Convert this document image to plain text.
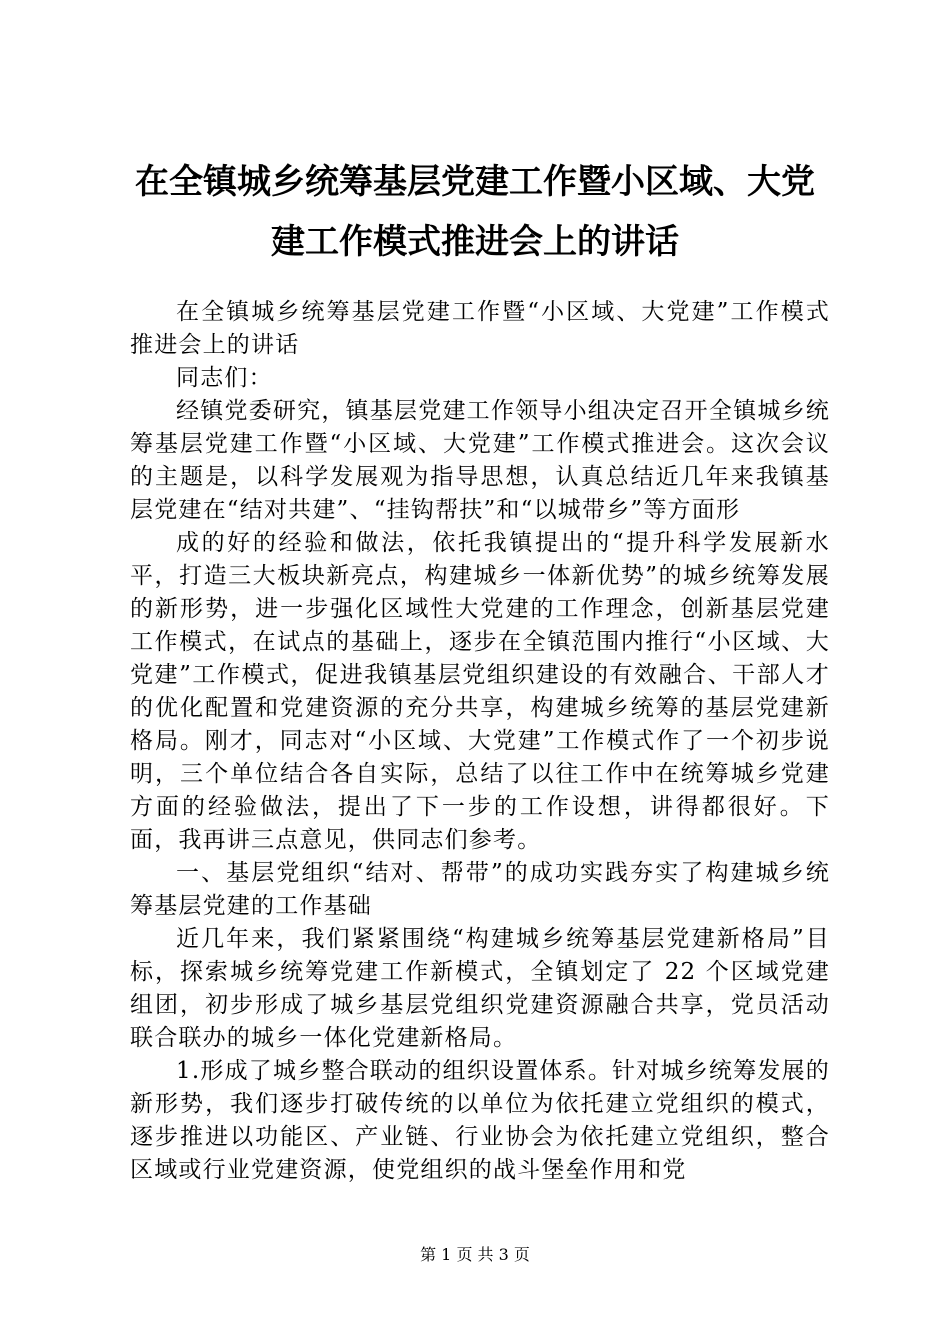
在全镇城乡统筹基层党建工作暨小区域、大党
建工作模式推进会上的讲话

在全镇城乡统筹基层党建工作暨“小区域、大党建”工作模式推进会上的讲话

同志们：

经镇党委研究，镇基层党建工作领导小组决定召开全镇城乡统筹基层党建工作暨“小区域、大党建”工作模式推进会。这次会议的主题是，以科学发展观为指导思想，认真总结近几年来我镇基层党建在“结对共建”、“挂钩帮扶”和“以城带乡”等方面形

成的好的经验和做法，依托我镇提出的“提升科学发展新水平，打造三大板块新亮点，构建城乡一体新优势”的城乡统筹发展的新形势，进一步强化区域性大党建的工作理念，创新基层党建工作模式，在试点的基础上，逐步在全镇范围内推行“小区域、大党建”工作模式，促进我镇基层党组织建设的有效融合、干部人才的优化配置和党建资源的充分共享，构建城乡统筹的基层党建新格局。刚才，同志对“小区域、大党建”工作模式作了一个初步说明，三个单位结合各自实际，总结了以往工作中在统筹城乡党建方面的经验做法，提出了下一步的工作设想，讲得都很好。下面，我再讲三点意见，供同志们参考。

一、基层党组织“结对、帮带”的成功实践夯实了构建城乡统筹基层党建的工作基础

近几年来，我们紧紧围绕“构建城乡统筹基层党建新格局”目标，探索城乡统筹党建工作新模式，全镇划定了 22 个区域党建组团，初步形成了城乡基层党组织党建资源融合共享，党员活动联合联办的城乡一体化党建新格局。

1.形成了城乡整合联动的组织设置体系。针对城乡统筹发展的新形势，我们逐步打破传统的以单位为依托建立党组织的模式，逐步推进以功能区、产业链、行业协会为依托建立党组织，整合区域或行业党建资源，使党组织的战斗堡垒作用和党

第 1 页 共 3 页
